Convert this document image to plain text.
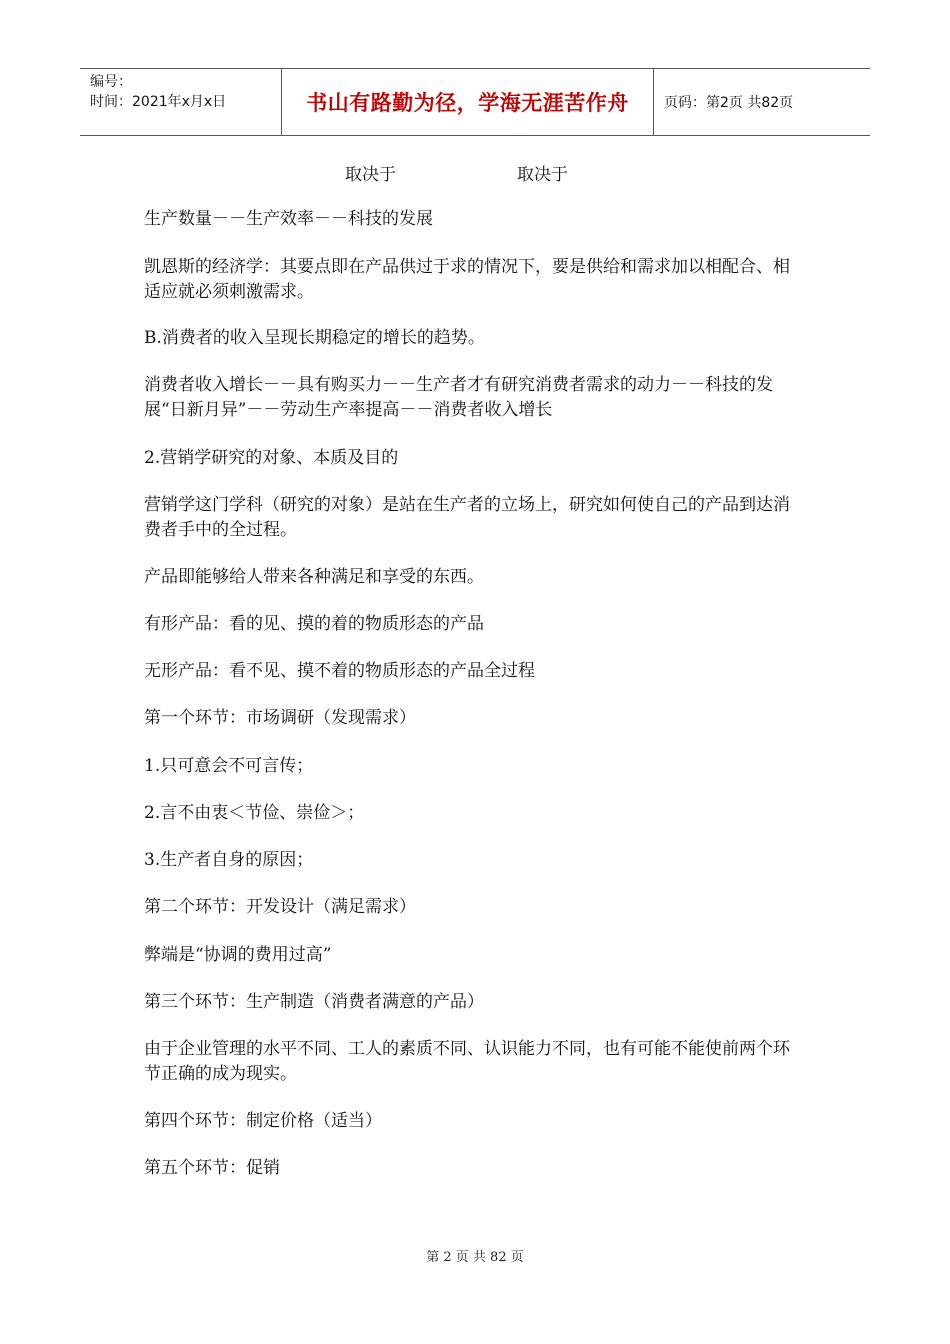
编号：
时间：2021年x月x日	书山有路勤为径，学海无涯苦作舟	页码：第2页 共82页
取决于	取决于

生产数量－－生产效率－－科技的发展

凯恩斯的经济学：其要点即在产品供过于求的情况下，要是供给和需求加以相配合、相适应就必须刺激需求。

B.消费者的收入呈现长期稳定的增长的趋势。

消费者收入增长－－具有购买力－－生产者才有研究消费者需求的动力－－科技的发展“日新月异”－－劳动生产率提高－－消费者收入增长

2.营销学研究的对象、本质及目的

营销学这门学科（研究的对象）是站在生产者的立场上，研究如何使自己的产品到达消费者手中的全过程。

产品即能够给人带来各种满足和享受的东西。

有形产品：看的见、摸的着的物质形态的产品

无形产品：看不见、摸不着的物质形态的产品全过程

第一个环节：市场调研（发现需求）

1.只可意会不可言传；

2.言不由衷＜节俭、崇俭＞；

3.生产者自身的原因；

第二个环节：开发设计（满足需求）

弊端是“协调的费用过高”

第三个环节：生产制造（消费者满意的产品）

由于企业管理的水平不同、工人的素质不同、认识能力不同，也有可能不能使前两个环节正确的成为现实。

第四个环节：制定价格（适当）

第五个环节：促销

第 2 页 共 82 页
